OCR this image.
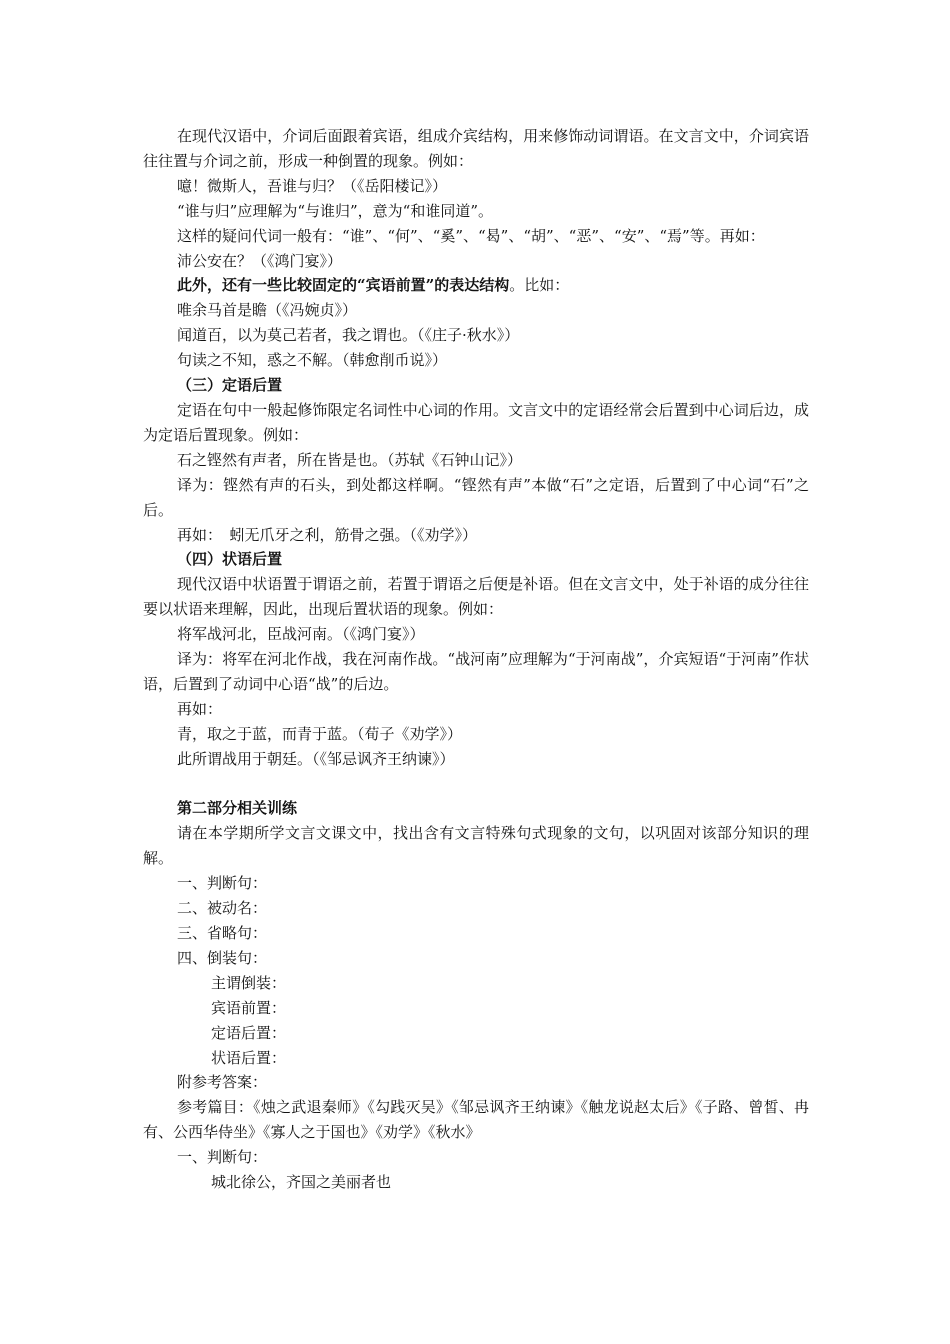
在现代汉语中，介词后面跟着宾语，组成介宾结构，用来修饰动词谓语。在文言文中，介词宾语往往置与介词之前，形成一种倒置的现象。例如：

噫！微斯人，吾谁与归？（《岳阳楼记》）

“谁与归”应理解为“与谁归”，意为“和谁同道”。

这样的疑问代词一般有：“谁”、“何”、“奚”、“曷”、“胡”、“恶”、“安”、“焉”等。再如：

沛公安在？（《鸿门宴》）

此外，还有一些比较固定的“宾语前置”的表达结构。比如：

唯余马首是瞻（《冯婉贞》）

闻道百，以为莫己若者，我之谓也。（《庄子·秋水》）

句读之不知，惑之不解。（韩愈削币说》）

（三）定语后置

定语在句中一般起修饰限定名词性中心词的作用。文言文中的定语经常会后置到中心词后边，成为定语后置现象。例如：

石之铿然有声者，所在皆是也。（苏轼《石钟山记》）

译为：铿然有声的石头，到处都这样啊。“铿然有声”本做“石”之定语，后置到了中心词“石”之后。

再如：　蚓无爪牙之利，筋骨之强。（《劝学》）

（四）状语后置

现代汉语中状语置于谓语之前，若置于谓语之后便是补语。但在文言文中，处于补语的成分往往要以状语来理解，因此，出现后置状语的现象。例如：

将军战河北，臣战河南。（《鸿门宴》）

译为：将军在河北作战，我在河南作战。“战河南”应理解为“于河南战”，介宾短语“于河南”作状语，后置到了动词中心语“战”的后边。

再如：

青，取之于蓝，而青于蓝。（荀子《劝学》）

此所谓战用于朝廷。（《邹忌讽齐王纳谏》）

第二部分相关训练

请在本学期所学文言文课文中，找出含有文言特殊句式现象的文句，以巩固对该部分知识的理解。

一、判断句：

二、被动名：

三、省略句：

四、倒装句：

主谓倒装：

宾语前置：

定语后置：

状语后置：

附参考答案：

参考篇目：《烛之武退秦师》《勾践灭吴》《邹忌讽齐王纳谏》《触龙说赵太后》《子路、曾皙、冉有、公西华侍坐》《寡人之于国也》《劝学》《秋水》

一、判断句：

城北徐公，齐国之美丽者也
